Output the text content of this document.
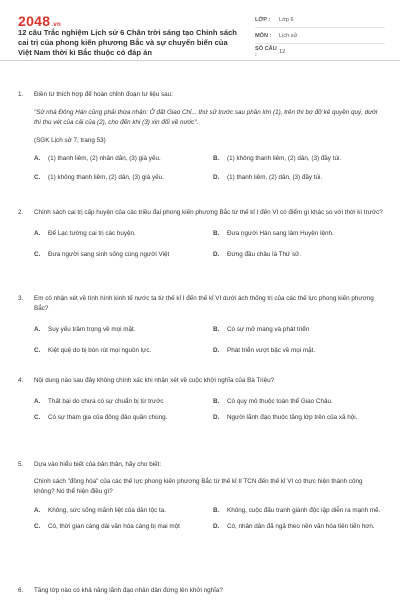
2048.vn
12 câu Trắc nghiệm Lịch sử 6 Chân trời sáng tạo Chính sách cai trị của phong kiến phương Bắc và sự chuyển biến của Việt Nam thời kì Bắc thuộc có đáp án
LỚP :	Lớp 6
MÔN :	Lịch sử
SỐ CÂU :	12
1.	Điền từ thích hợp để hoàn chỉnh đoạn tư liệu sau:
"Sử nhà Đông Hán cũng phải thừa nhận: Ở đất Giao Chỉ... thứ sử trước sau phần lớn (1), trên thì bợ đỡ kẻ quyền quý, dưới thì thu vét của cải của (2), cho đến khi (3) xin đổi về nước".
(SGK Lịch sử 7, trang 53)
A.	(1) thanh liêm, (2) nhân dân, (3) già yếu.	B.	(1) không thanh liêm, (2) dân, (3) đầy túi.
C.	(1) không thanh liêm, (2) dân, (3) già yếu.	D.	(1) thanh liêm, (2) dân, (3) đầy túi.
2.	Chính sách cai trị cấp huyện của các triều đại phong kiến phương Bắc từ thế kỉ I đến VI có điểm gì khác so với thời kì trước?
A.	Để Lạc tướng cai trị các huyện.	B.	Đưa người Hán sang làm Huyện lệnh.
C.	Đưa người sang sinh sống cùng người Việt	D.	Đứng đầu châu là Thứ sử.
3.	Em có nhận xét về tình hình kinh tế nước ta từ thế kỉ I đến thế kỉ VI dưới ách thống trị của các thế lực phong kiến phương Bắc?
A.	Suy yếu trầm trọng về mọi mặt.	B.	Có sự mở mang và phát triển
C.	Kiệt quệ do bị bòn rút mọi nguồn lực.	D.	Phát triển vượt bậc về mọi mặt.
4.	Nội dung nào sau đây không chính xác khi nhận xét về cuộc khởi nghĩa của Bà Triệu?
A.	Thất bại do chưa có sự chuẩn bị từ trước	B.	Có quy mô thuộc toàn thể Giao Châu.
C.	Có sự tham gia của đông đảo quần chúng.	D.	Người lãnh đạo thuộc tầng lớp trên của xã hội.
5.	Dựa vào hiểu biết của bản thân, hãy cho biết:
Chính sách "đồng hóa" của các thế lực phong kiến phương Bắc từ thế kỉ II TCN đến thế kỉ VI có thực hiện thành công không? Nó thể hiện điều gì?
A.	Không, sức sống mãnh liệt của dân tộc ta.	B.	Không, cuộc đấu tranh giành độc lập diễn ra mạnh mẽ.
C.	Có, thời gian càng dài văn hóa càng bị mai một	D.	Có, nhân dân đã ngả theo nền văn hóa tiên tiến hơn.
6.	Tầng lớp nào có khả năng lãnh đạo nhân dân đứng lên khởi nghĩa?
